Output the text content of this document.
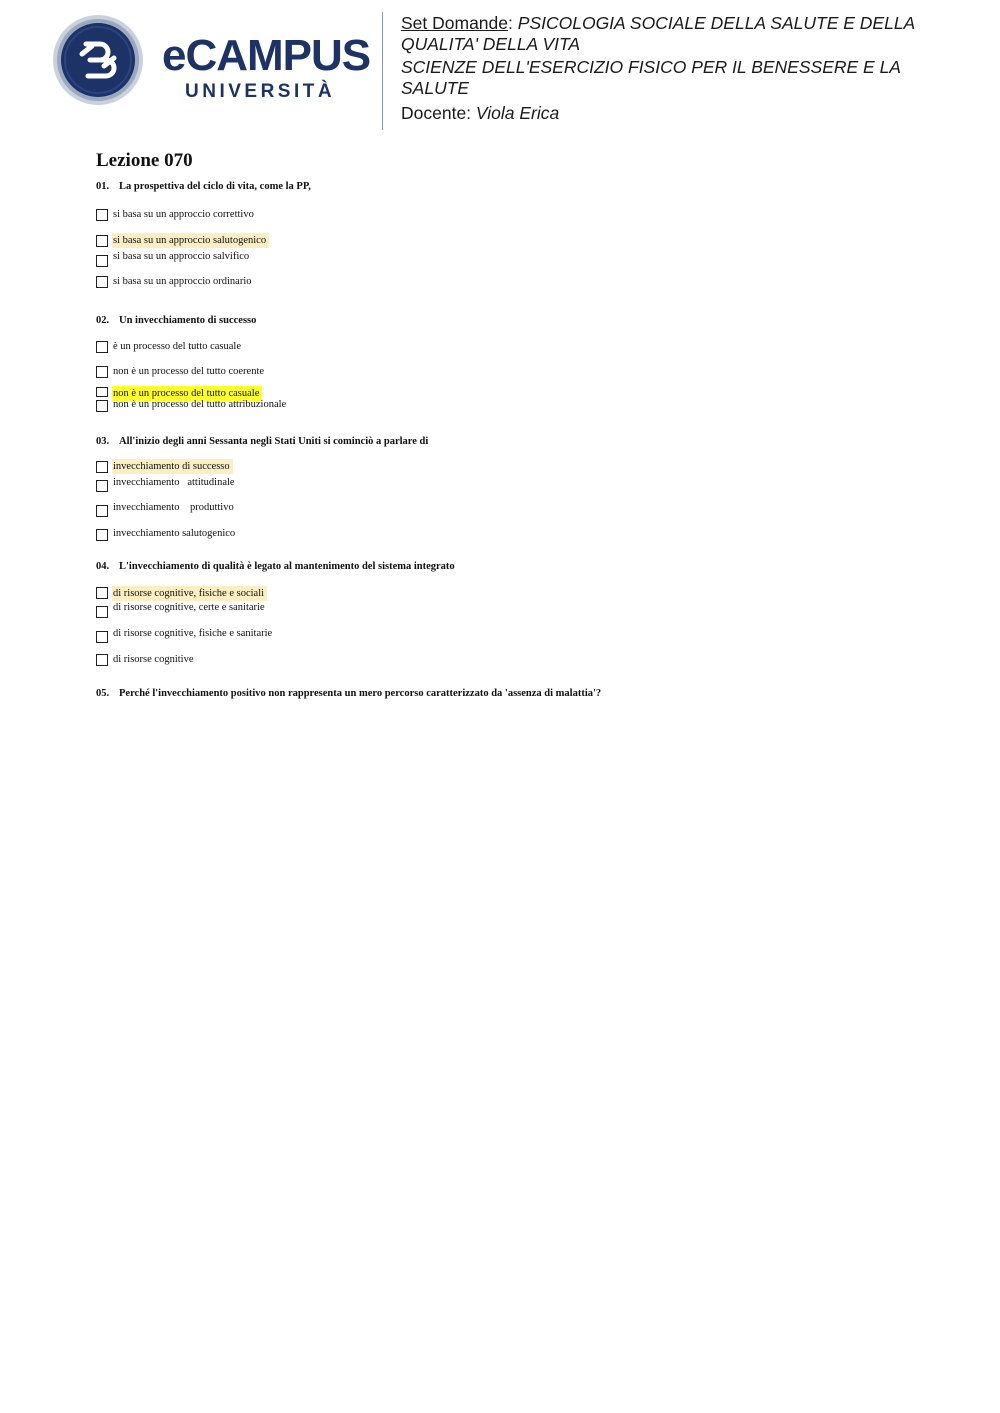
eCAMPUS
UNIVERSITÀ
Set Domande: PSICOLOGIA SOCIALE DELLA SALUTE E DELLA
QUALITA' DELLA VITA
SCIENZE DELL'ESERCIZIO FISICO PER IL BENESSERE E LA
SALUTE
Docente: Viola Erica
Lezione 070

01. La prospettiva del ciclo di vita, come la PP,

si basa su un approccio correttivo
si basa su un approccio salutogenico
si basa su un approccio salvifico
si basa su un approccio ordinario

02. Un invecchiamento di successo

è un processo del tutto casuale
non è un processo del tutto coerente
non è un processo del tutto casuale
non è un processo del tutto attribuzionale

03. All'inizio degli anni Sessanta negli Stati Uniti si cominciò a parlare di

invecchiamento di successo
invecchiamento   attitudinale
invecchiamento    produttivo
invecchiamento salutogenico

04. L'invecchiamento di qualità è legato al mantenimento del sistema integrato

di risorse cognitive, fisiche e sociali
di risorse cognitive, certe e sanitarie
di risorse cognitive, fisiche e sanitarie
di risorse cognitive

05. Perché l'invecchiamento positivo non rappresenta un mero percorso caratterizzato da 'assenza di malattia'?
